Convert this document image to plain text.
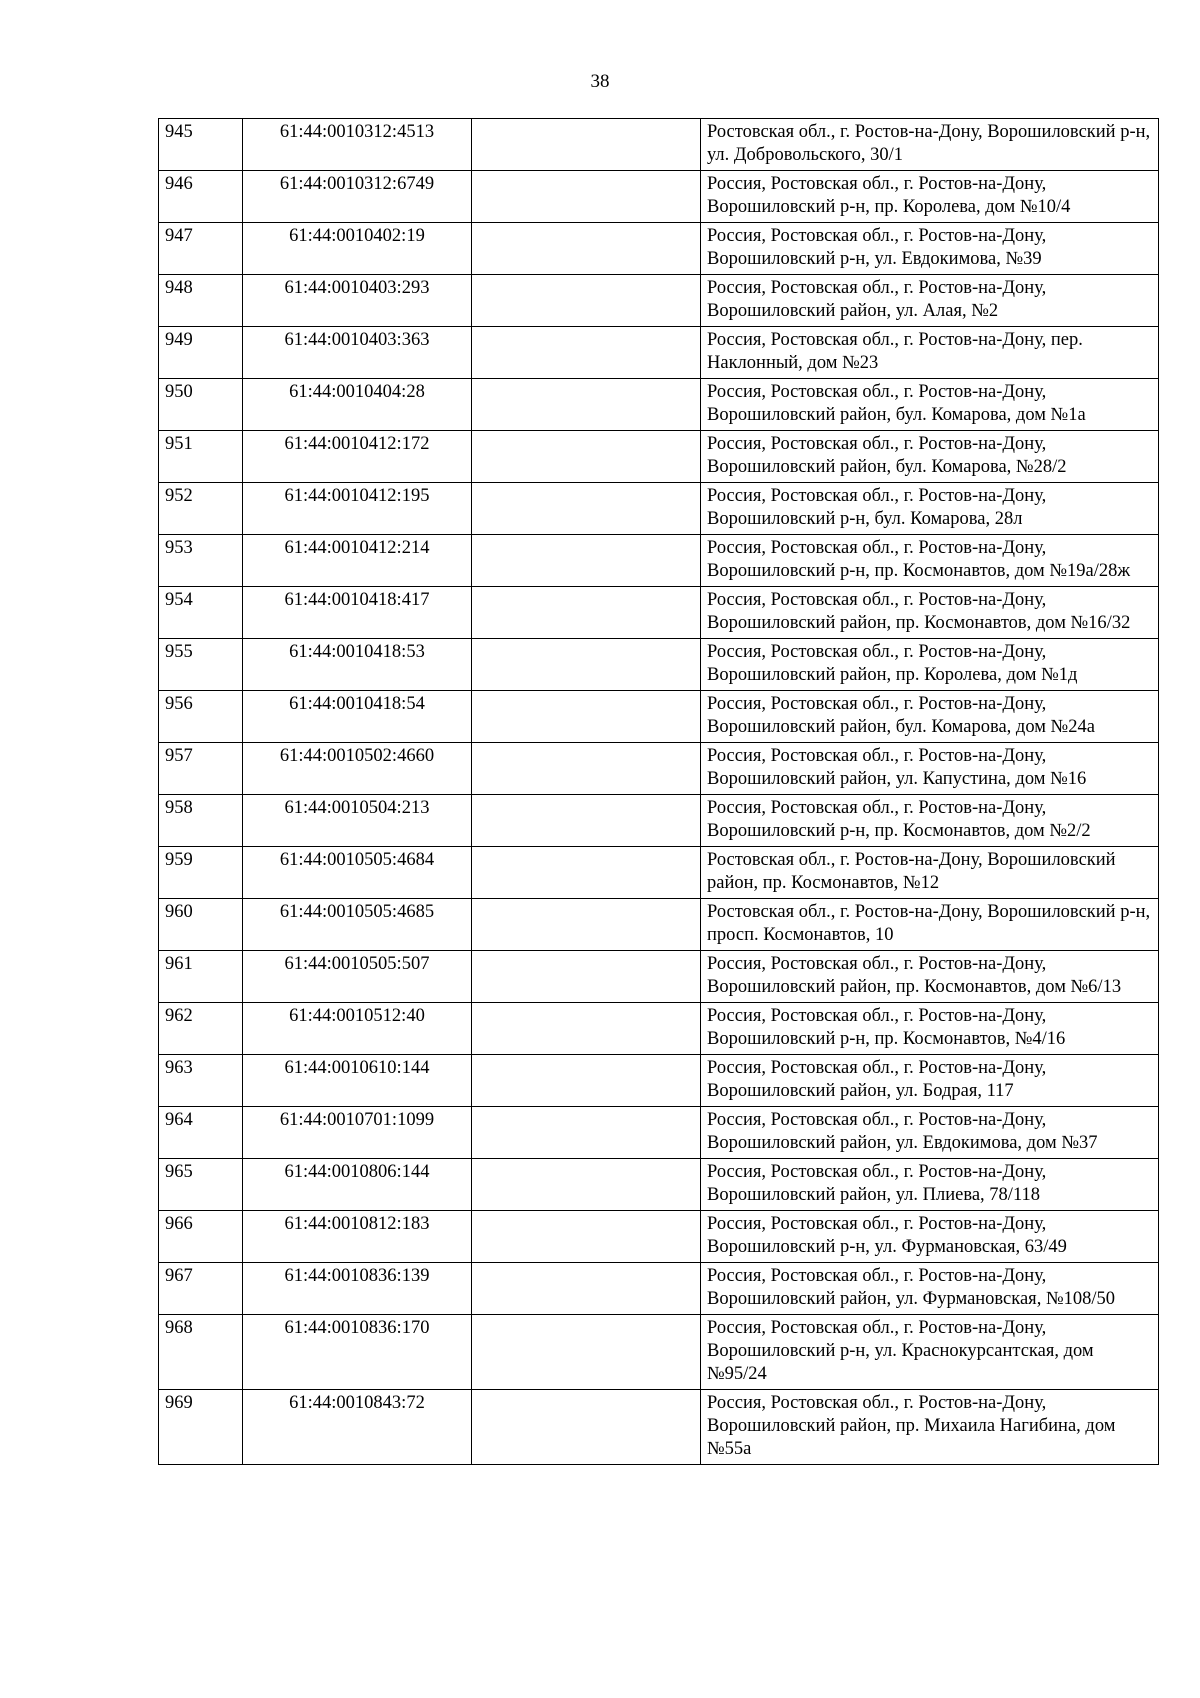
38
945	61:44:0010312:4513		Ростовская обл., г. Ростов-на-Дону, Ворошиловский р-н, ул. Добровольского, 30/1
946	61:44:0010312:6749		Россия, Ростовская обл., г. Ростов-на-Дону, Ворошиловский р-н, пр. Королева, дом №10/4
947	61:44:0010402:19		Россия, Ростовская обл., г. Ростов-на-Дону, Ворошиловский р-н, ул. Евдокимова, №39
948	61:44:0010403:293		Россия, Ростовская обл., г. Ростов-на-Дону, Ворошиловский район, ул. Алая, №2
949	61:44:0010403:363		Россия, Ростовская обл., г. Ростов-на-Дону, пер. Наклонный, дом №23
950	61:44:0010404:28		Россия, Ростовская обл., г. Ростов-на-Дону, Ворошиловский район, бул. Комарова, дом №1а
951	61:44:0010412:172		Россия, Ростовская обл., г. Ростов-на-Дону, Ворошиловский район, бул. Комарова, №28/2
952	61:44:0010412:195		Россия, Ростовская обл., г. Ростов-на-Дону, Ворошиловский р-н, бул. Комарова, 28л
953	61:44:0010412:214		Россия, Ростовская обл., г. Ростов-на-Дону, Ворошиловский р-н, пр. Космонавтов, дом №19а/28ж
954	61:44:0010418:417		Россия, Ростовская обл., г. Ростов-на-Дону, Ворошиловский район, пр. Космонавтов, дом №16/32
955	61:44:0010418:53		Россия, Ростовская обл., г. Ростов-на-Дону, Ворошиловский район, пр. Королева, дом №1д
956	61:44:0010418:54		Россия, Ростовская обл., г. Ростов-на-Дону, Ворошиловский район, бул. Комарова, дом №24а
957	61:44:0010502:4660		Россия, Ростовская обл., г. Ростов-на-Дону, Ворошиловский район, ул. Капустина, дом №16
958	61:44:0010504:213		Россия, Ростовская обл., г. Ростов-на-Дону, Ворошиловский р-н, пр. Космонавтов, дом №2/2
959	61:44:0010505:4684		Ростовская обл., г. Ростов-на-Дону, Ворошиловский район, пр. Космонавтов, №12
960	61:44:0010505:4685		Ростовская обл., г. Ростов-на-Дону, Ворошиловский р-н, просп. Космонавтов, 10
961	61:44:0010505:507		Россия, Ростовская обл., г. Ростов-на-Дону, Ворошиловский район, пр. Космонавтов, дом №6/13
962	61:44:0010512:40		Россия, Ростовская обл., г. Ростов-на-Дону, Ворошиловский р-н, пр. Космонавтов, №4/16
963	61:44:0010610:144		Россия, Ростовская обл., г. Ростов-на-Дону, Ворошиловский район, ул. Бодрая, 117
964	61:44:0010701:1099		Россия, Ростовская обл., г. Ростов-на-Дону, Ворошиловский район, ул. Евдокимова, дом №37
965	61:44:0010806:144		Россия, Ростовская обл., г. Ростов-на-Дону, Ворошиловский район, ул. Плиева, 78/118
966	61:44:0010812:183		Россия, Ростовская обл., г. Ростов-на-Дону, Ворошиловский р-н, ул. Фурмановская, 63/49
967	61:44:0010836:139		Россия, Ростовская обл., г. Ростов-на-Дону, Ворошиловский район, ул. Фурмановская, №108/50
968	61:44:0010836:170		Россия, Ростовская обл., г. Ростов-на-Дону, Ворошиловский р-н, ул. Краснокурсантская, дом №95/24
969	61:44:0010843:72		Россия, Ростовская обл., г. Ростов-на-Дону, Ворошиловский район, пр. Михаила Нагибина, дом №55а
